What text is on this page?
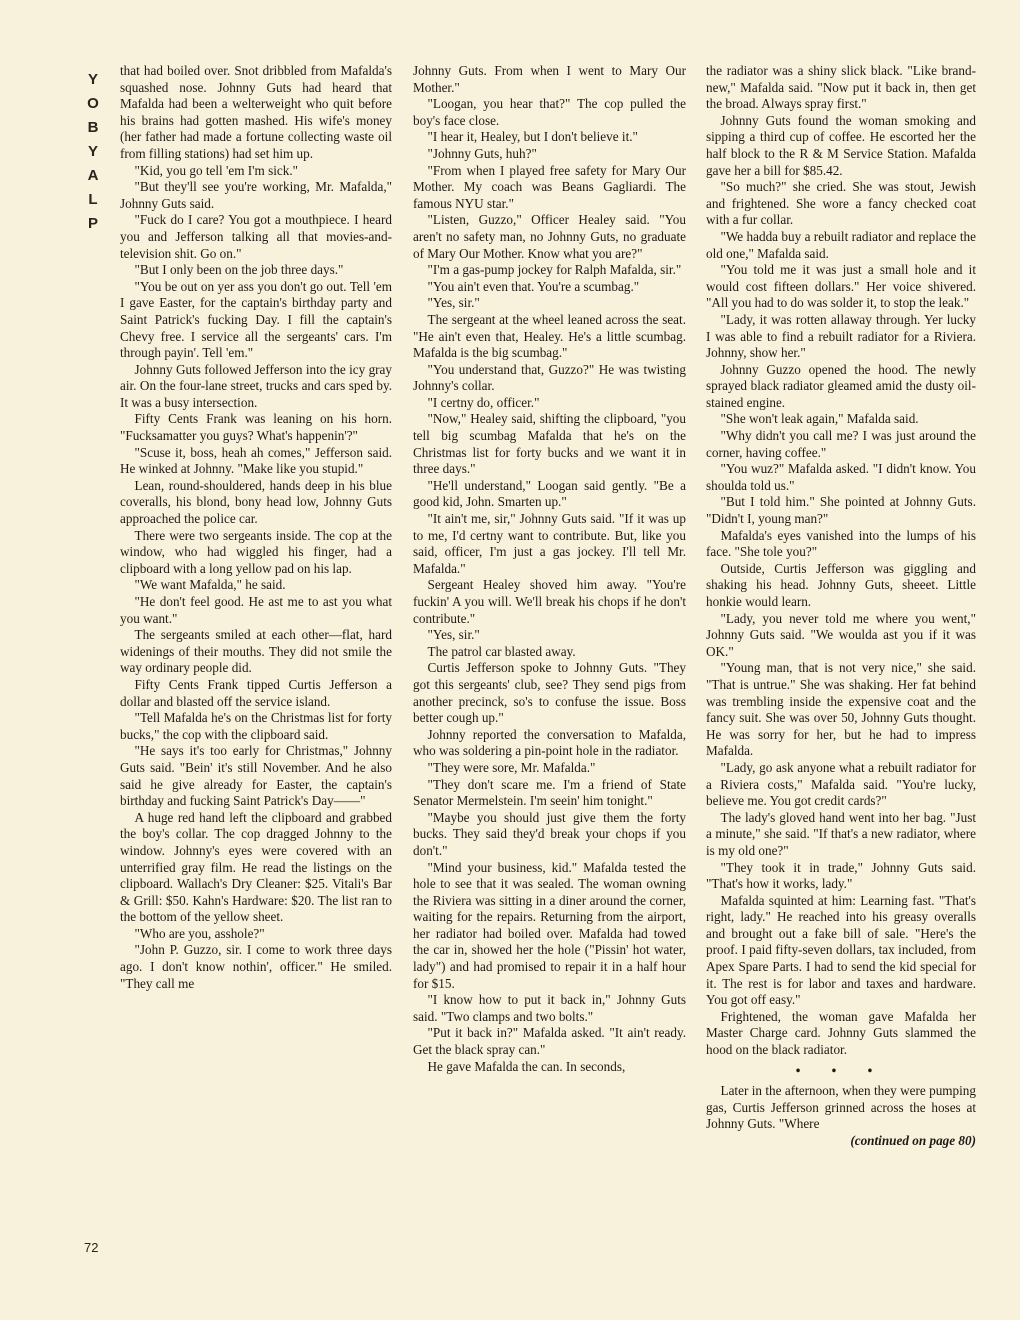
Y
O
B
Y
A
L
P

that had boiled over. Snot dribbled from Mafalda's squashed nose. Johnny Guts had heard that Mafalda had been a welterweight who quit before his brains had gotten mashed. His wife's money (her father had made a fortune collecting waste oil from filling stations) had set him up.

"Kid, you go tell 'em I'm sick."

"But they'll see you're working, Mr. Mafalda," Johnny Guts said.

"Fuck do I care? You got a mouthpiece. I heard you and Jefferson talking all that movies-and-television shit. Go on."

"But I only been on the job three days."

"You be out on yer ass you don't go out. Tell 'em I gave Easter, for the captain's birthday party and Saint Patrick's fucking Day. I fill the captain's Chevy free. I service all the sergeants' cars. I'm through payin'. Tell 'em."

Johnny Guts followed Jefferson into the icy gray air. On the four-lane street, trucks and cars sped by. It was a busy intersection.

Fifty Cents Frank was leaning on his horn. "Fucksamatter you guys? What's happenin'?"

"Scuse it, boss, heah ah comes," Jefferson said. He winked at Johnny. "Make like you stupid."

Lean, round-shouldered, hands deep in his blue coveralls, his blond, bony head low, Johnny Guts approached the police car.

There were two sergeants inside. The cop at the window, who had wiggled his finger, had a clipboard with a long yellow pad on his lap.

"We want Mafalda," he said.

"He don't feel good. He ast me to ast you what you want."

The sergeants smiled at each other—flat, hard widenings of their mouths. They did not smile the way ordinary people did.

Fifty Cents Frank tipped Curtis Jefferson a dollar and blasted off the service island.

"Tell Mafalda he's on the Christmas list for forty bucks," the cop with the clipboard said.

"He says it's too early for Christmas," Johnny Guts said. "Bein' it's still November. And he also said he give already for Easter, the captain's birthday and fucking Saint Patrick's Day——"

A huge red hand left the clipboard and grabbed the boy's collar. The cop dragged Johnny to the window. Johnny's eyes were covered with an unterrified gray film. He read the listings on the clipboard. Wallach's Dry Cleaner: $25. Vitali's Bar & Grill: $50. Kahn's Hardware: $20. The list ran to the bottom of the yellow sheet.

"Who are you, asshole?"

"John P. Guzzo, sir. I come to work three days ago. I don't know nothin', officer." He smiled. "They call me

Johnny Guts. From when I went to Mary Our Mother."

"Loogan, you hear that?" The cop pulled the boy's face close.

"I hear it, Healey, but I don't believe it."

"Johnny Guts, huh?"

"From when I played free safety for Mary Our Mother. My coach was Beans Gagliardi. The famous NYU star."

"Listen, Guzzo," Officer Healey said. "You aren't no safety man, no Johnny Guts, no graduate of Mary Our Mother. Know what you are?"

"I'm a gas-pump jockey for Ralph Mafalda, sir."

"You ain't even that. You're a scumbag."

"Yes, sir."

The sergeant at the wheel leaned across the seat. "He ain't even that, Healey. He's a little scumbag. Mafalda is the big scumbag."

"You understand that, Guzzo?" He was twisting Johnny's collar.

"I certny do, officer."

"Now," Healey said, shifting the clipboard, "you tell big scumbag Mafalda that he's on the Christmas list for forty bucks and we want it in three days."

"He'll understand," Loogan said gently. "Be a good kid, John. Smarten up."

"It ain't me, sir," Johnny Guts said. "If it was up to me, I'd certny want to contribute. But, like you said, officer, I'm just a gas jockey. I'll tell Mr. Mafalda."

Sergeant Healey shoved him away. "You're fuckin' A you will. We'll break his chops if he don't contribute."

"Yes, sir."

The patrol car blasted away.

Curtis Jefferson spoke to Johnny Guts. "They got this sergeants' club, see? They send pigs from another precinck, so's to confuse the issue. Boss better cough up."

Johnny reported the conversation to Mafalda, who was soldering a pin-point hole in the radiator.

"They were sore, Mr. Mafalda."

"They don't scare me. I'm a friend of State Senator Mermelstein. I'm seein' him tonight."

"Maybe you should just give them the forty bucks. They said they'd break your chops if you don't."

"Mind your business, kid." Mafalda tested the hole to see that it was sealed. The woman owning the Riviera was sitting in a diner around the corner, waiting for the repairs. Returning from the airport, her radiator had boiled over. Mafalda had towed the car in, showed her the hole ("Pissin' hot water, lady") and had promised to repair it in a half hour for $15.

"I know how to put it back in," Johnny Guts said. "Two clamps and two bolts."

"Put it back in?" Mafalda asked. "It ain't ready. Get the black spray can."

He gave Mafalda the can. In seconds,

the radiator was a shiny slick black. "Like brand-new," Mafalda said. "Now put it back in, then get the broad. Always spray first."

Johnny Guts found the woman smoking and sipping a third cup of coffee. He escorted her the half block to the R & M Service Station. Mafalda gave her a bill for $85.42.

"So much?" she cried. She was stout, Jewish and frightened. She wore a fancy checked coat with a fur collar.

"We hadda buy a rebuilt radiator and replace the old one," Mafalda said.

"You told me it was just a small hole and it would cost fifteen dollars." Her voice shivered. "All you had to do was solder it, to stop the leak."

"Lady, it was rotten allaway through. Yer lucky I was able to find a rebuilt radiator for a Riviera. Johnny, show her."

Johnny Guzzo opened the hood. The newly sprayed black radiator gleamed amid the dusty oil-stained engine.

"She won't leak again," Mafalda said.

"Why didn't you call me? I was just around the corner, having coffee."

"You wuz?" Mafalda asked. "I didn't know. You shoulda told us."

"But I told him." She pointed at Johnny Guts. "Didn't I, young man?"

Mafalda's eyes vanished into the lumps of his face. "She tole you?"

Outside, Curtis Jefferson was giggling and shaking his head. Johnny Guts, sheeet. Little honkie would learn.

"Lady, you never told me where you went," Johnny Guts said. "We woulda ast you if it was OK."

"Young man, that is not very nice," she said. "That is untrue." She was shaking. Her fat behind was trembling inside the expensive coat and the fancy suit. She was over 50, Johnny Guts thought. He was sorry for her, but he had to impress Mafalda.

"Lady, go ask anyone what a rebuilt radiator for a Riviera costs," Mafalda said. "You're lucky, believe me. You got credit cards?"

The lady's gloved hand went into her bag. "Just a minute," she said. "If that's a new radiator, where is my old one?"

"They took it in trade," Johnny Guts said. "That's how it works, lady."

Mafalda squinted at him: Learning fast. "That's right, lady." He reached into his greasy overalls and brought out a fake bill of sale. "Here's the proof. I paid fifty-seven dollars, tax included, from Apex Spare Parts. I had to send the kid special for it. The rest is for labor and taxes and hardware. You got off easy."

Frightened, the woman gave Mafalda her Master Charge card. Johnny Guts slammed the hood on the black radiator.

• • •

Later in the afternoon, when they were pumping gas, Curtis Jefferson grinned across the hoses at Johnny Guts. "Where

(continued on page 80)

72
